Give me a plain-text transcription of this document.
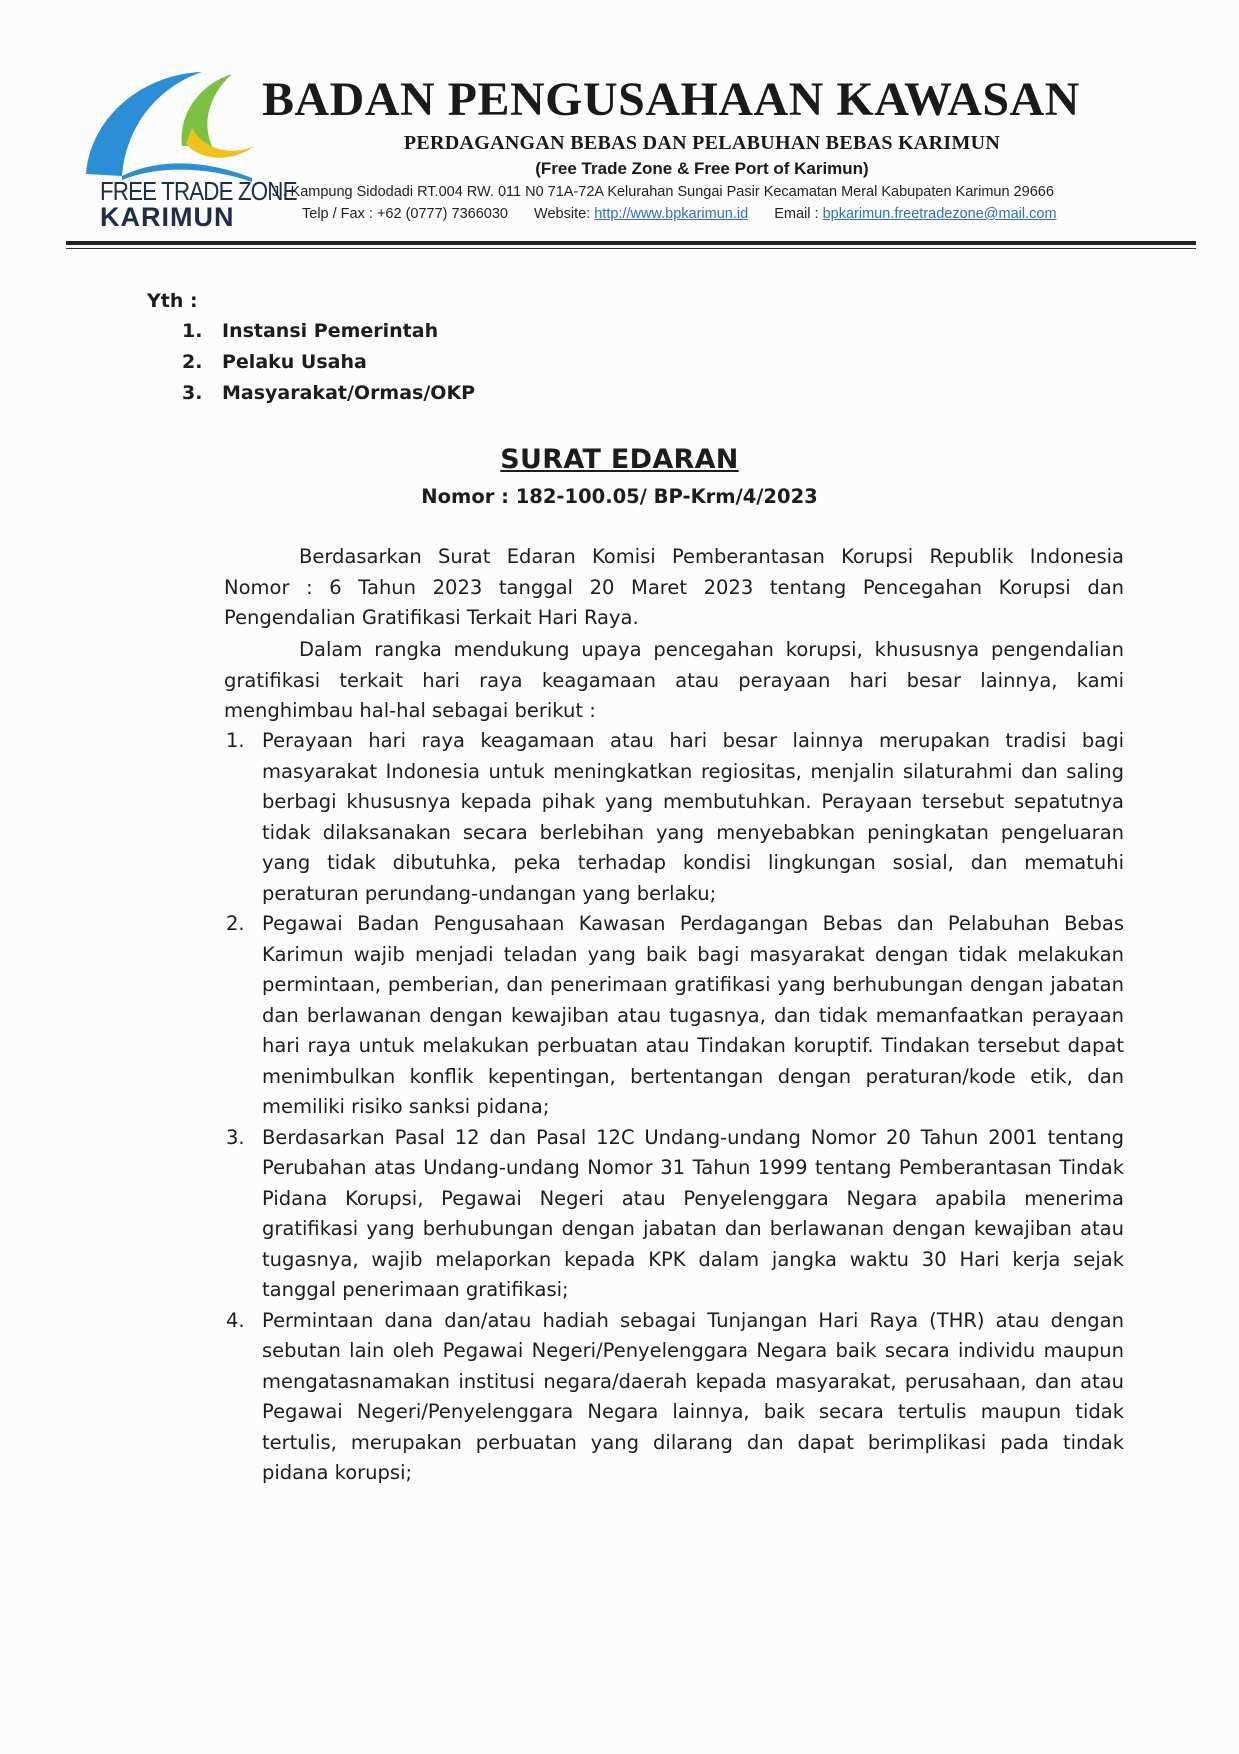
FREE TRADE ZONE
KARIMUN
BADAN PENGUSAHAAN KAWASAN
PERDAGANGAN BEBAS DAN PELABUHAN BEBAS KARIMUN
(Free Trade Zone & Free Port of Karimun)
Jl. Kampung Sidodadi RT.004 RW. 011 N0 71A-72A Kelurahan Sungai Pasir Kecamatan Meral Kabupaten Karimun 29666
Telp / Fax : +62 (0777) 7366030 Website: http://www.bpkarimun.id Email : bpkarimun.freetradezone@mail.com
Yth :
1. Instansi Pemerintah
2. Pelaku Usaha
3. Masyarakat/Ormas/OKP
SURAT EDARAN
Nomor : 182-100.05/ BP-Krm/4/2023

Berdasarkan Surat Edaran Komisi Pemberantasan Korupsi Republik Indonesia Nomor : 6 Tahun 2023 tanggal 20 Maret 2023 tentang Pencegahan Korupsi dan Pengendalian Gratifikasi Terkait Hari Raya.

Dalam rangka mendukung upaya pencegahan korupsi, khususnya pengendalian gratifikasi terkait hari raya keagamaan atau perayaan hari besar lainnya, kami menghimbau hal-hal sebagai berikut :

1. Perayaan hari raya keagamaan atau hari besar lainnya merupakan tradisi bagi masyarakat Indonesia untuk meningkatkan regiositas, menjalin silaturahmi dan saling berbagi khususnya kepada pihak yang membutuhkan. Perayaan tersebut sepatutnya tidak dilaksanakan secara berlebihan yang menyebabkan peningkatan pengeluaran yang tidak dibutuhka, peka terhadap kondisi lingkungan sosial, dan mematuhi peraturan perundang-undangan yang berlaku;
2. Pegawai Badan Pengusahaan Kawasan Perdagangan Bebas dan Pelabuhan Bebas Karimun wajib menjadi teladan yang baik bagi masyarakat dengan tidak melakukan permintaan, pemberian, dan penerimaan gratifikasi yang berhubungan dengan jabatan dan berlawanan dengan kewajiban atau tugasnya, dan tidak memanfaatkan perayaan hari raya untuk melakukan perbuatan atau Tindakan koruptif. Tindakan tersebut dapat menimbulkan konflik kepentingan, bertentangan dengan peraturan/kode etik, dan memiliki risiko sanksi pidana;
3. Berdasarkan Pasal 12 dan Pasal 12C Undang-undang Nomor 20 Tahun 2001 tentang Perubahan atas Undang-undang Nomor 31 Tahun 1999 tentang Pemberantasan Tindak Pidana Korupsi, Pegawai Negeri atau Penyelenggara Negara apabila menerima gratifikasi yang berhubungan dengan jabatan dan berlawanan dengan kewajiban atau tugasnya, wajib melaporkan kepada KPK dalam jangka waktu 30 Hari kerja sejak tanggal penerimaan gratifikasi;
4. Permintaan dana dan/atau hadiah sebagai Tunjangan Hari Raya (THR) atau dengan sebutan lain oleh Pegawai Negeri/Penyelenggara Negara baik secara individu maupun mengatasnamakan institusi negara/daerah kepada masyarakat, perusahaan, dan atau Pegawai Negeri/Penyelenggara Negara lainnya, baik secara tertulis maupun tidak tertulis, merupakan perbuatan yang dilarang dan dapat berimplikasi pada tindak pidana korupsi;
